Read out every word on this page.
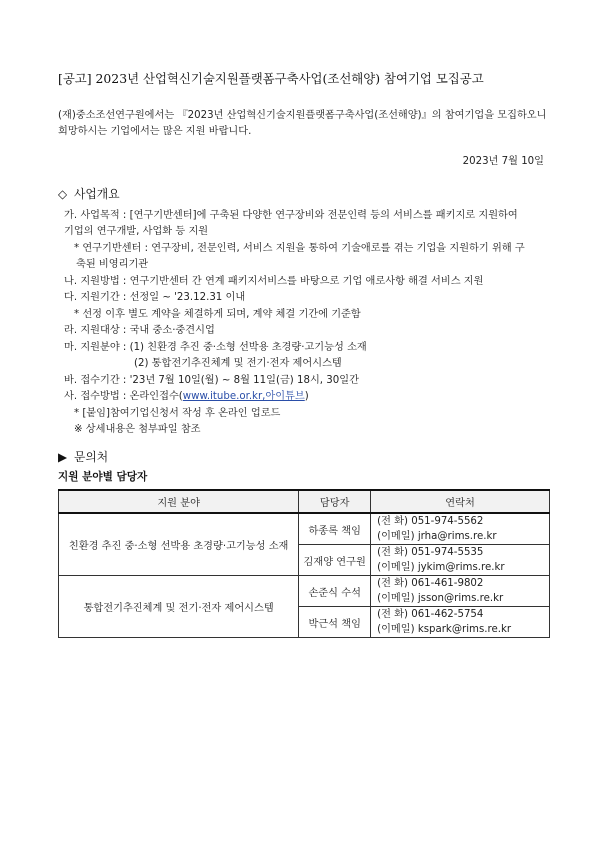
[공고] 2023년 산업혁신기술지원플랫폼구축사업(조선해양) 참여기업 모집공고
(재)중소조선연구원에서는 『2023년 산업혁신기술지원플랫폼구축사업(조선해양)』의 참여기업을 모집하오니
희망하시는 기업에서는 많은 지원 바랍니다.
2023년 7월 10일
◇ 사업개요
가. 사업목적 : [연구기반센터]에 구축된 다양한 연구장비와 전문인력 등의 서비스를 패키지로 지원하여
기업의 연구개발, 사업화 등 지원
* 연구기반센터 : 연구장비, 전문인력, 서비스 지원을 통하여 기술애로를 겪는 기업을 지원하기 위해 구
축된 비영리기관
나. 지원방법 : 연구기반센터 간 연계 패키지서비스를 바탕으로 기업 애로사항 해결 서비스 지원
다. 지원기간 : 선정일 ~ '23.12.31 이내
* 선정 이후 별도 계약을 체결하게 되며, 계약 체결 기간에 기준함
라. 지원대상 : 국내 중소·중견시업
마. 지원분야 : (1) 친환경 추진 중·소형 선박용 초경량·고기능성 소재
(2) 통합전기추진체계 및 전기·전자 제어시스템
바. 접수기간 : '23년 7월 10일(월) ~ 8월 11일(금) 18시, 30일간
사. 접수방법 : 온라인접수(www.itube.or.kr,아이튜브)
* [붙임]참여기업신청서 작성 후 온라인 업로드
※ 상세내용은 첨부파일 참조
▶ 문의처
지원 분야별 담당자
지원 분야	담당자	연락처
친환경 추진 중·소형 선박용 초경량·고기능성 소재	하종록 책임	(전 화) 051-974-5562
(이메일) jrha@rims.re.kr

	김재양 연구원	(전 화) 051-974-5535
(이메일) jykim@rims.re.kr

통합전기추진체계 및 전기·전자 제어시스템	손준식 수석	(전 화) 061-461-9802
(이메일) jsson@rims.re.kr

	박근석 책임	(전 화) 061-462-5754
(이메일) kspark@rims.re.kr
